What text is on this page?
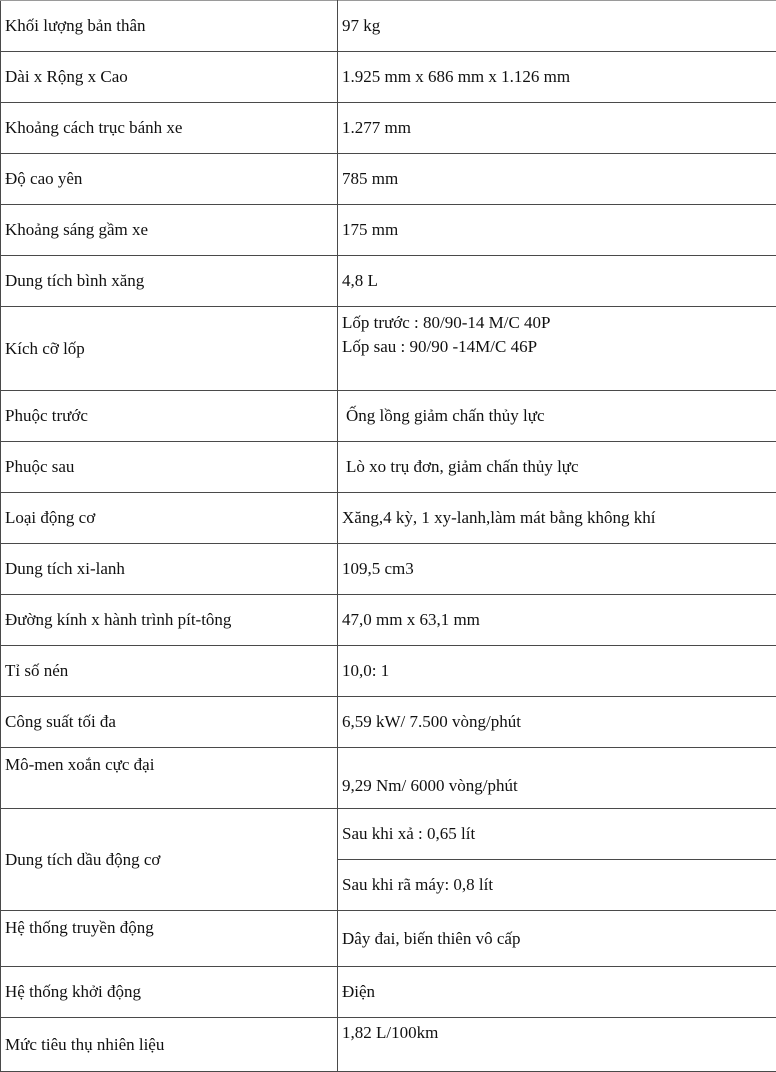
Khối lượng bản thân	97 kg
Dài x Rộng x Cao	1.925 mm x 686 mm x 1.126 mm
Khoảng cách trục bánh xe	1.277 mm
Độ cao yên	785 mm
Khoảng sáng gầm xe	175 mm
Dung tích bình xăng	4,8 L
Kích cỡ lốp	Lốp trước : 80/90-14 M/C 40P
Lốp sau : 90/90 -14M/C 46P

Phuộc trước	Ống lồng giảm chấn thủy lực
Phuộc sau	Lò xo trụ đơn, giảm chấn thủy lực
Loại động cơ	Xăng,4 kỳ, 1 xy-lanh,làm mát bằng không khí
Dung tích xi-lanh	109,5 cm3
Đường kính x hành trình pít-tông	47,0 mm x 63,1 mm
Tỉ số nén	10,0: 1
Công suất tối đa	6,59 kW/ 7.500 vòng/phút
Mô-men xoắn cực đại	9,29 Nm/ 6000 vòng/phút
Dung tích dầu động cơ	Sau khi xả : 0,65 lít
	Sau khi rã máy: 0,8 lít
Hệ thống truyền động	Dây đai, biến thiên vô cấp
Hệ thống khởi động	Điện
Mức tiêu thụ nhiên liệu	1,82 L/100km
